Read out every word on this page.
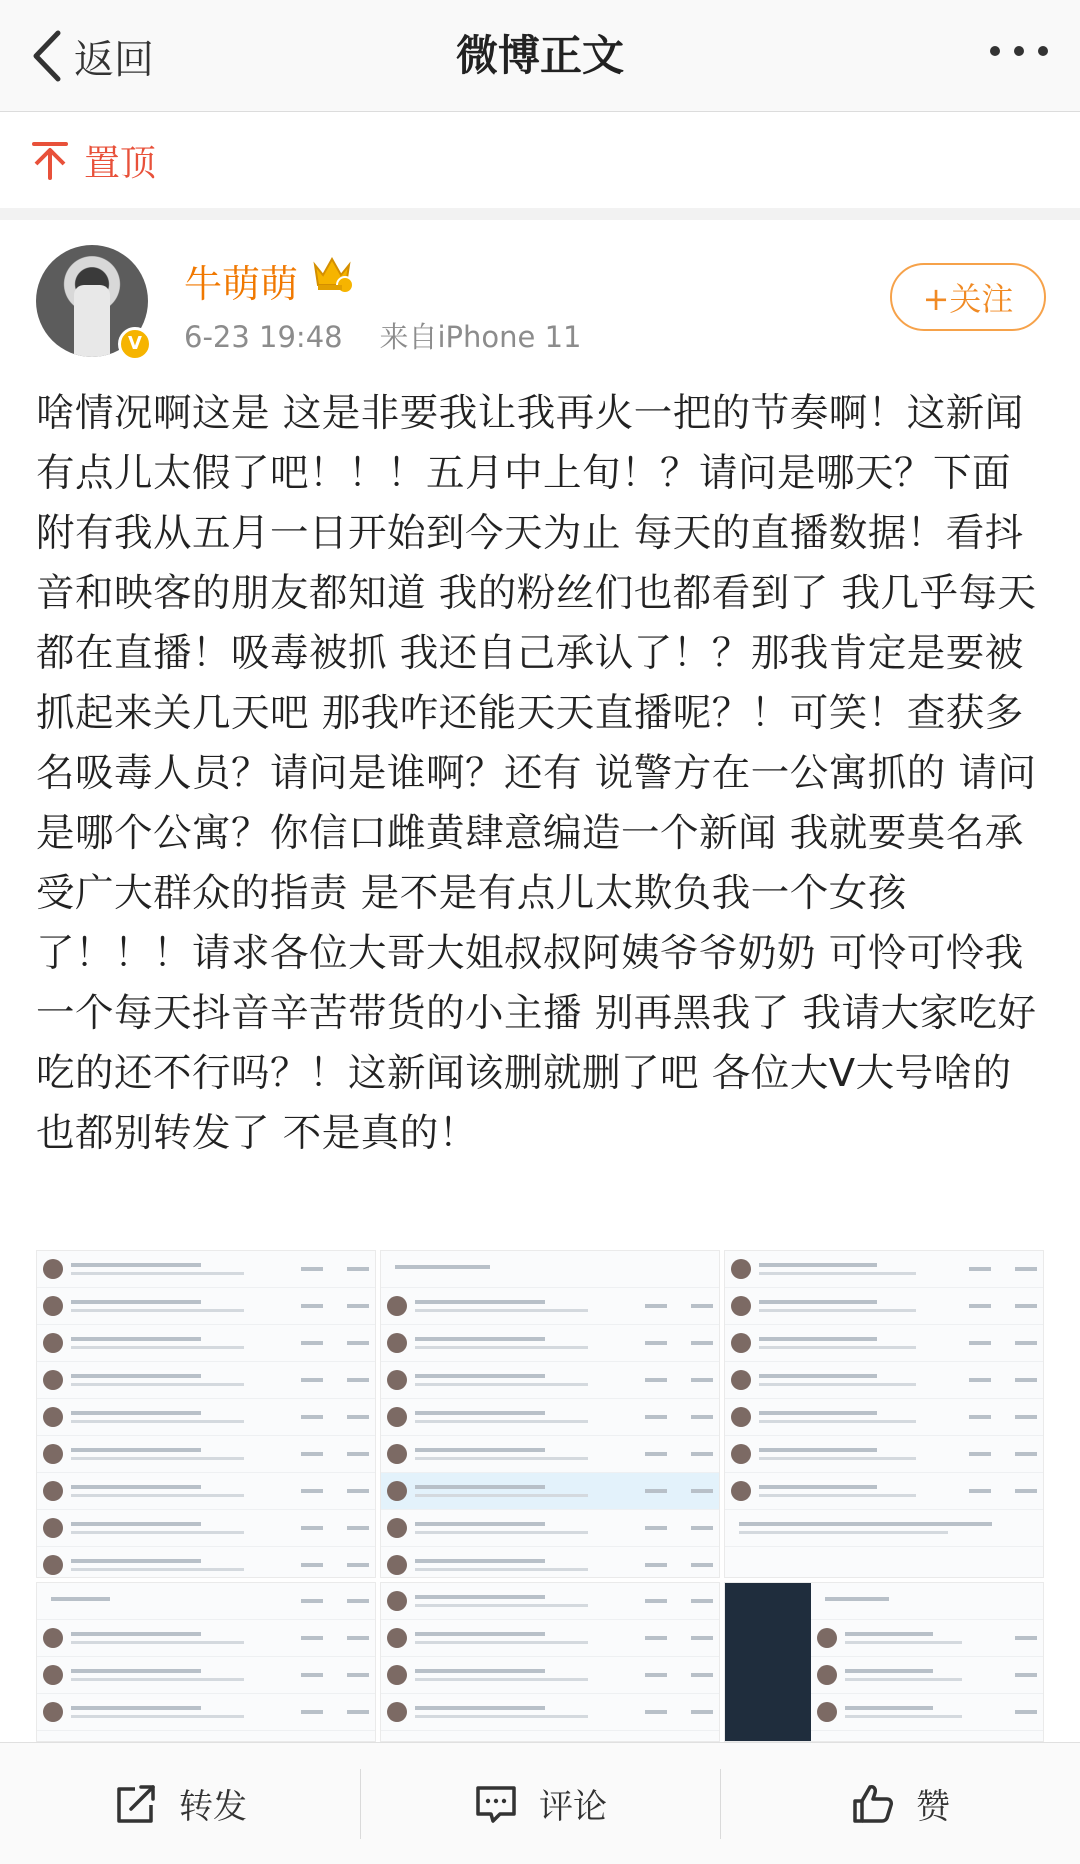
返回	微博正文
置顶
V
牛萌萌
6-23 19:48 来自iPhone 11
+关注
啥情况啊这是 这是非要我让我再火一把的节奏啊！这新闻有点儿太假了吧！！！五月中上旬！？请问是哪天？下面附有我从五月一日开始到今天为止 每天的直播数据！看抖音和映客的朋友都知道 我的粉丝们也都看到了 我几乎每天都在直播！吸毒被抓 我还自己承认了！？那我肯定是要被抓起来关几天吧 那我咋还能天天直播呢？！可笑！查获多名吸毒人员？请问是谁啊？还有 说警方在一公寓抓的 请问是哪个公寓？你信口雌黄肆意编造一个新闻 我就要莫名承受广大群众的指责 是不是有点儿太欺负我一个女孩了！！！请求各位大哥大姐叔叔阿姨爷爷奶奶 可怜可怜我一个每天抖音辛苦带货的小主播 别再黑我了 我请大家吃好吃的还不行吗？！这新闻该删就删了吧 各位大V大号啥的也都别转发了 不是真的！
转发	评论	赞
